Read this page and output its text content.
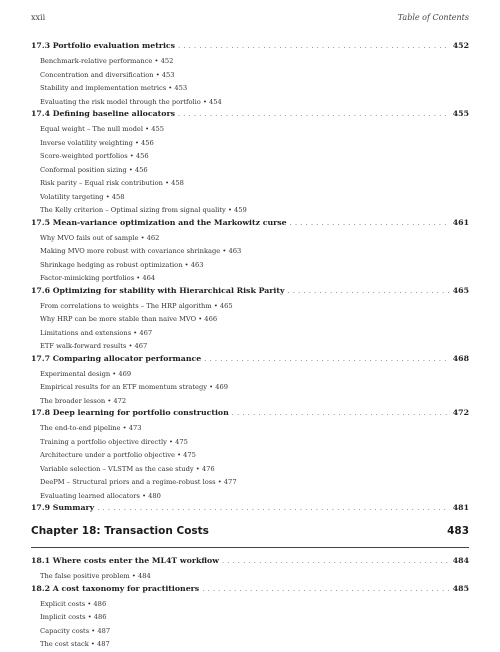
xxii	Table of Contents
17.3 Portfolio evaluation metrics . . .	452
Benchmark-relative performance • 452
Concentration and diversification • 453
Stability and implementation metrics • 453
Evaluating the risk model through the portfolio • 454
17.4 Defining baseline allocators . . .	455
Equal weight – The null model • 455
Inverse volatility weighting • 456
Score-weighted portfolios • 456
Conformal position sizing • 456
Risk parity – Equal risk contribution • 458
Volatility targeting • 458
The Kelly criterion – Optimal sizing from signal quality • 459
17.5 Mean-variance optimization and the Markowitz curse . . .	461
Why MVO fails out of sample • 462
Making MVO more robust with covariance shrinkage • 463
Shrinkage hedging as robust optimization • 463
Factor-mimicking portfolios • 464
17.6 Optimizing for stability with Hierarchical Risk Parity . . .	465
From correlations to weights – The HRP algorithm • 465
Why HRP can be more stable than naive MVO • 466
Limitations and extensions • 467
ETF walk-forward results • 467
17.7 Comparing allocator performance . . .	468
Experimental design • 469
Empirical results for an ETF momentum strategy • 469
The broader lesson • 472
17.8 Deep learning for portfolio construction . . .	472
The end-to-end pipeline • 473
Training a portfolio objective directly • 475
Architecture under a portfolio objective • 475
Variable selection – VLSTM as the case study • 476
DeePM – Structural priors and a regime-robust loss • 477
Evaluating learned allocators • 480
17.9 Summary . . .	481
Chapter 18: Transaction Costs	483
18.1 Where costs enter the ML4T workflow . . .	484
The false positive problem • 484
18.2 A cost taxonomy for practitioners . . .	485
Explicit costs • 486
Implicit costs • 486
Capacity costs • 487
The cost stack • 487
